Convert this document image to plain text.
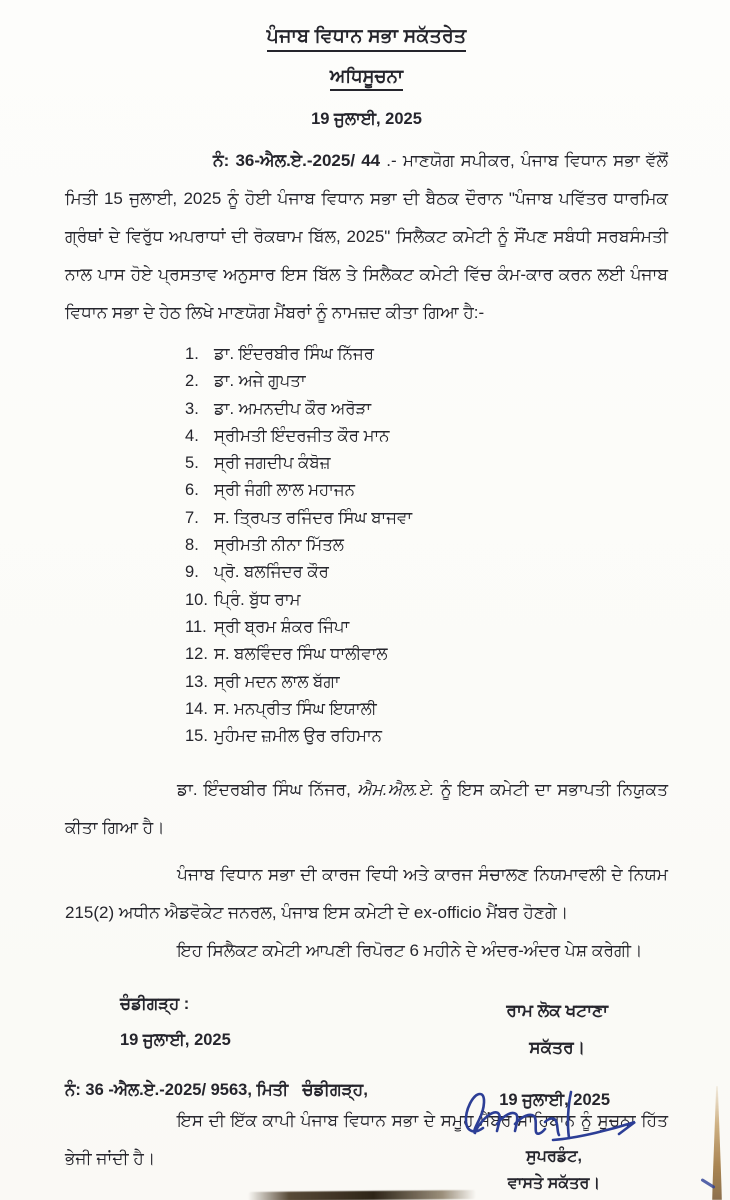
ਪੰਜਾਬ ਵਿਧਾਨ ਸਭਾ ਸਕੱਤਰੇਤ
ਅਧਿਸੂਚਨਾ
19 ਜੁਲਾਈ, 2025

ਨੰ: 36-ਐਲ.ਏ.-2025/ 44 .- ਮਾਣਯੋਗ ਸਪੀਕਰ, ਪੰਜਾਬ ਵਿਧਾਨ ਸਭਾ ਵੱਲੋਂ ਮਿਤੀ 15 ਜੁਲਾਈ, 2025 ਨੂੰ ਹੋਈ ਪੰਜਾਬ ਵਿਧਾਨ ਸਭਾ ਦੀ ਬੈਠਕ ਦੌਰਾਨ "ਪੰਜਾਬ ਪਵਿੱਤਰ ਧਾਰਮਿਕ ਗ੍ਰੰਥਾਂ ਦੇ ਵਿਰੁੱਧ ਅਪਰਾਧਾਂ ਦੀ ਰੋਕਥਾਮ ਬਿੱਲ, 2025" ਸਿਲੈਕਟ ਕਮੇਟੀ ਨੂੰ ਸੌਂਪਣ ਸਬੰਧੀ ਸਰਬਸੰਮਤੀ ਨਾਲ ਪਾਸ ਹੋਏ ਪ੍ਰਸਤਾਵ ਅਨੁਸਾਰ ਇਸ ਬਿੱਲ ਤੇ ਸਿਲੈਕਟ ਕਮੇਟੀ ਵਿੱਚ ਕੰਮ-ਕਾਰ ਕਰਨ ਲਈ ਪੰਜਾਬ ਵਿਧਾਨ ਸਭਾ ਦੇ ਹੇਠ ਲਿਖੇ ਮਾਣਯੋਗ ਮੈਂਬਰਾਂ ਨੂੰ ਨਾਮਜ਼ਦ ਕੀਤਾ ਗਿਆ ਹੈ:-

ਡਾ. ਇੰਦਰਬੀਰ ਸਿੰਘ ਨਿੱਜਰ
ਡਾ. ਅਜੇ ਗੁਪਤਾ
ਡਾ. ਅਮਨਦੀਪ ਕੌਰ ਅਰੋੜਾ
ਸ੍ਰੀਮਤੀ ਇੰਦਰਜੀਤ ਕੌਰ ਮਾਨ
ਸ੍ਰੀ ਜਗਦੀਪ ਕੰਬੋਜ਼
ਸ੍ਰੀ ਜੰਗੀ ਲਾਲ ਮਹਾਜਨ
ਸ. ਤ੍ਰਿਪਤ ਰਜਿੰਦਰ ਸਿੰਘ ਬਾਜਵਾ
ਸ੍ਰੀਮਤੀ ਨੀਨਾ ਮਿੱਤਲ
ਪ੍ਰੋ. ਬਲਜਿੰਦਰ ਕੌਰ
ਪ੍ਰਿੰ. ਬੁੱਧ ਰਾਮ
ਸ੍ਰੀ ਬ੍ਰਮ ਸ਼ੰਕਰ ਜਿੰਪਾ
ਸ. ਬਲਵਿੰਦਰ ਸਿੰਘ ਧਾਲੀਵਾਲ
ਸ੍ਰੀ ਮਦਨ ਲਾਲ ਬੱਗਾ
ਸ. ਮਨਪ੍ਰੀਤ ਸਿੰਘ ਇਯਾਲੀ
ਮੁਹੰਮਦ ਜ਼ਮੀਲ ਉਰ ਰਹਿਮਾਨ

ਡਾ. ਇੰਦਰਬੀਰ ਸਿੰਘ ਨਿੱਜਰ, ਐਮ.ਐਲ.ਏ. ਨੂੰ ਇਸ ਕਮੇਟੀ ਦਾ ਸਭਾਪਤੀ ਨਿਯੁਕਤ ਕੀਤਾ ਗਿਆ ਹੈ।

ਪੰਜਾਬ ਵਿਧਾਨ ਸਭਾ ਦੀ ਕਾਰਜ ਵਿਧੀ ਅਤੇ ਕਾਰਜ ਸੰਚਾਲਣ ਨਿਯਮਾਵਲੀ ਦੇ ਨਿਯਮ 215(2) ਅਧੀਨ ਐਡਵੋਕੇਟ ਜਨਰਲ, ਪੰਜਾਬ ਇਸ ਕਮੇਟੀ ਦੇ ex-officio ਮੈਂਬਰ ਹੋਣਗੇ।

ਇਹ ਸਿਲੈਕਟ ਕਮੇਟੀ ਆਪਣੀ ਰਿਪੋਰਟ 6 ਮਹੀਨੇ ਦੇ ਅੰਦਰ-ਅੰਦਰ ਪੇਸ਼ ਕਰੇਗੀ।

ਚੰਡੀਗੜ੍ਹ :
19 ਜੁਲਾਈ, 2025
ਰਾਮ ਲੋਕ ਖਟਾਣਾ
ਸਕੱਤਰ।
ਨੰ: 36 -ਐਲ.ਏ.-2025/ 9563, ਮਿਤੀ ਚੰਡੀਗੜ੍ਹ,
19 ਜੁਲਾਈ, 2025

ਇਸ ਦੀ ਇੱਕ ਕਾਪੀ ਪੰਜਾਬ ਵਿਧਾਨ ਸਭਾ ਦੇ ਸਮੂਹ ਮੈਂਬਰ ਸਾਹਿਬਾਨ ਨੂੰ ਸੂਚਨਾ ਹਿੱਤ ਭੇਜੀ ਜਾਂਦੀ ਹੈ।	ਸੁਪਰਡੰਟ,
ਵਾਸਤੇ ਸਕੱਤਰ।
